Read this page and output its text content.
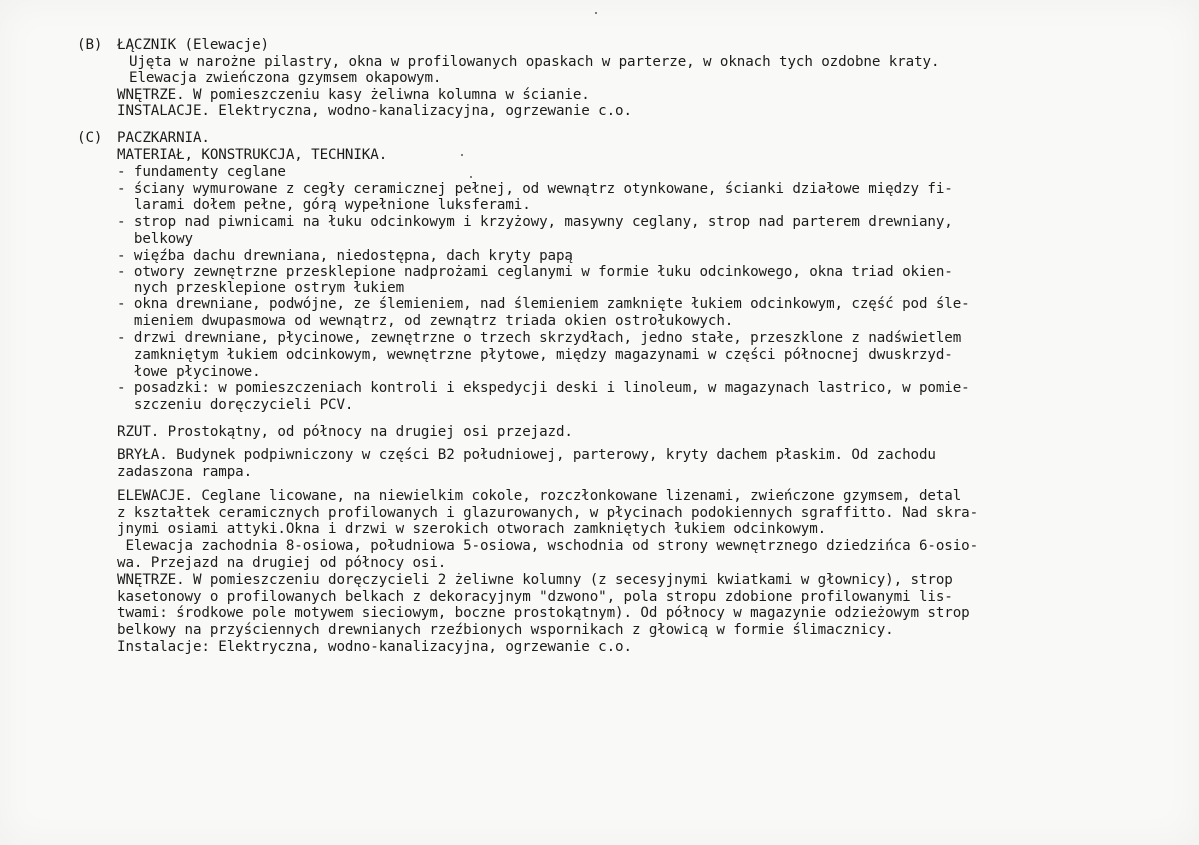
(B) ŁĄCZNIK (Elewacje)
Ujęta w narożne pilastry, okna w profilowanych opaskach w parterze, w oknach tych ozdobne kraty.
Elewacja zwieńczona gzymsem okapowym.
WNĘTRZE. W pomieszczeniu kasy żeliwna kolumna w ścianie.
INSTALACJE. Elektryczna, wodno-kanalizacyjna, ogrzewanie c.o.
(C) PACZKARNIA.
MATERIAŁ, KONSTRUKCJA, TECHNIKA.
- fundamenty ceglane
- ściany wymurowane z cegły ceramicznej pełnej, od wewnątrz otynkowane, ścianki działowe między fi-
larami dołem pełne, górą wypełnione luksferami.
- strop nad piwnicami na łuku odcinkowym i krzyżowy, masywny ceglany, strop nad parterem drewniany,
belkowy
- więźba dachu drewniana, niedostępna, dach kryty papą
- otwory zewnętrzne przesklepione nadprożami ceglanymi w formie łuku odcinkowego, okna triad okien-
nych przesklepione ostrym łukiem
- okna drewniane, podwójne, ze ślemieniem, nad ślemieniem zamknięte łukiem odcinkowym, część pod śle-
mieniem dwupasmowa od wewnątrz, od zewnątrz triada okien ostrołukowych.
- drzwi drewniane, płycinowe, zewnętrzne o trzech skrzydłach, jedno stałe, przeszklone z nadświetlem
zamkniętym łukiem odcinkowym, wewnętrzne płytowe, między magazynami w części północnej dwuskrzyd-
łowe płycinowe.
- posadzki: w pomieszczeniach kontroli i ekspedycji deski i linoleum, w magazynach lastrico, w pomie-
szczeniu doręczycieli PCV.
RZUT. Prostokątny, od północy na drugiej osi przejazd.
BRYŁA. Budynek podpiwniczony w części B2 południowej, parterowy, kryty dachem płaskim. Od zachodu
zadaszona rampa.
ELEWACJE. Ceglane licowane, na niewielkim cokole, rozczłonkowane lizenami, zwieńczone gzymsem, detal
z kształtek ceramicznych profilowanych i glazurowanych, w płycinach podokiennych sgraffitto. Nad skra-
jnymi osiami attyki.Okna i drzwi w szerokich otworach zamkniętych łukiem odcinkowym.
Elewacja zachodnia 8-osiowa, południowa 5-osiowa, wschodnia od strony wewnętrznego dziedzińca 6-osio-
wa. Przejazd na drugiej od północy osi.
WNĘTRZE. W pomieszczeniu doręczycieli 2 żeliwne kolumny (z secesyjnymi kwiatkami w głownicy), strop
kasetonowy o profilowanych belkach z dekoracyjnym "dzwono", pola stropu zdobione profilowanymi lis-
twami: środkowe pole motywem sieciowym, boczne prostokątnym). Od północy w magazynie odzieżowym strop
belkowy na przyściennych drewnianych rzeźbionych wspornikach z głowicą w formie ślimacznicy.
Instalacje: Elektryczna, wodno-kanalizacyjna, ogrzewanie c.o.
